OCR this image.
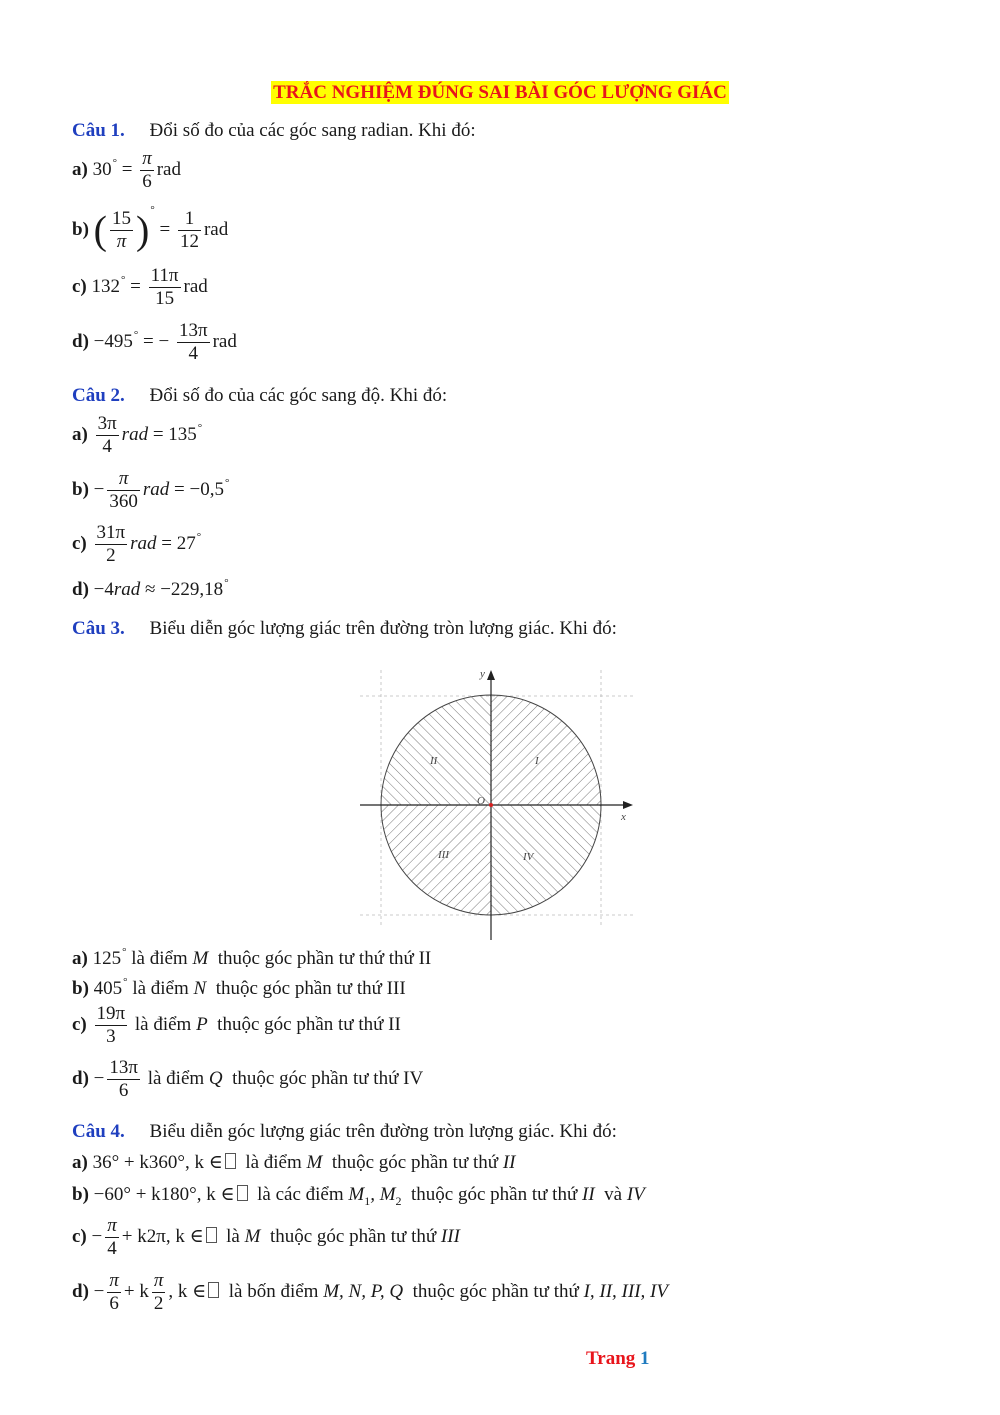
TRẮC NGHIỆM ĐÚNG SAI BÀI GÓC LƯỢNG GIÁC
Câu 1. Đổi số đo của các góc sang radian. Khi đó:
a) $30^\circ = \frac{\pi}{6}$ rad
b) ( $\frac{15}{\pi} )^\circ = \frac{1}{12}$ rad
c) $132^\circ = \frac{11\pi}{15}$ rad
d) −495° = − $\frac{13\pi}{4}$ rad
Câu 2. Đổi số đo của các góc sang độ. Khi đó:
$a) \frac{3\pi}{4}$ rad = 135°
$b) - \frac{\pi}{360}$ rad = −0,5°
$c) \frac{31\pi}{2}$ rad = 27°
d) −4rad ≈ −229,18°
Câu 3. Biểu diễn góc lượng giác trên đường tròn lượng giác. Khi đó:
y
x
O
I
II
III	IV
a) 125° là điểm M thuộc góc phần tư thứ thứ II
b) 405° là điểm N thuộc góc phần tư thứ III
$c) \frac{19\pi}{3}$ là điểm P thuộc góc phần tư thứ II
$d) - \frac{13\pi}{6}$ là điểm Q thuộc góc phần tư thứ IV
Câu 4. Biểu diễn góc lượng giác trên đường tròn lượng giác. Khi đó:
a) 36° + k360°, k ∈ là điểm M thuộc góc phần tư thứ II
b) −60° + k180°, k ∈ là các điểm $M_1$, $M_2$ thuộc góc phần tư thứ II và IV
$c) - \frac{\pi}{4} + k2\pi$, k ∈ là M thuộc góc phần tư thứ III
$d) - \frac{\pi}{6} + k \frac{\pi}{2}$ , k ∈ là bốn điểm M, N, P, Q thuộc góc phần tư thứ I, II, III, IV
Trang 1
